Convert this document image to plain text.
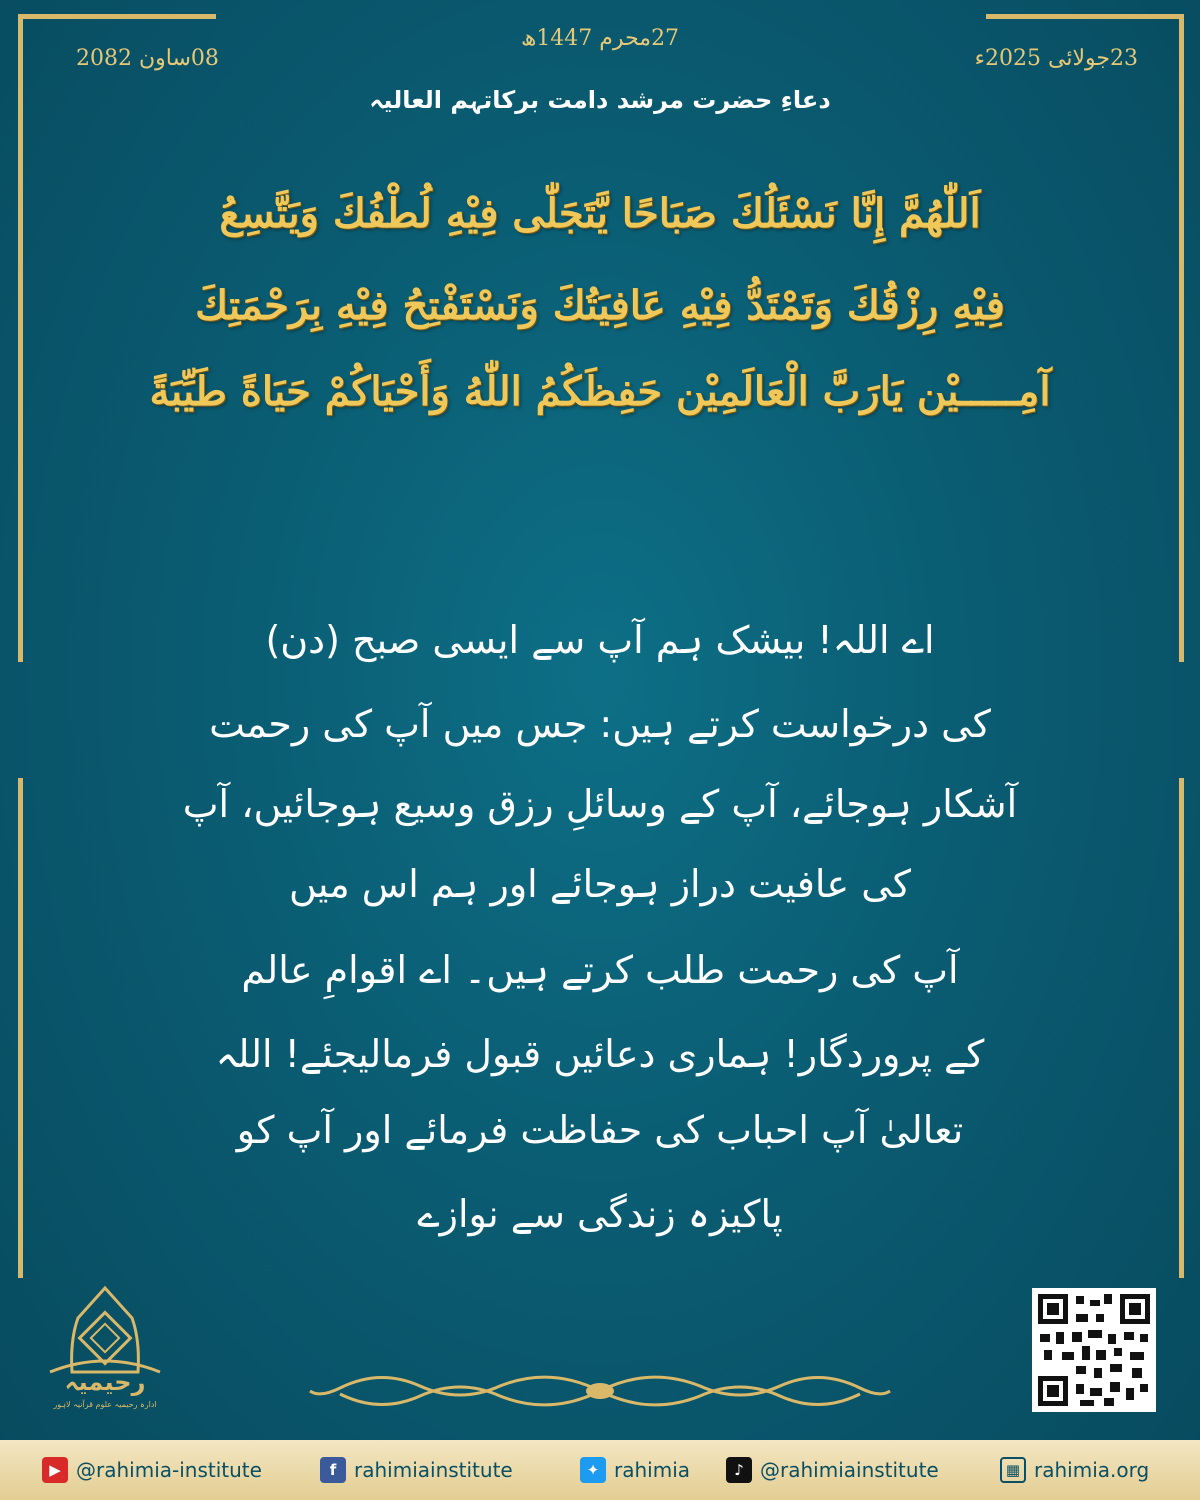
27محرم 1447ھ
23جولائی 2025ء
08ساون 2082
دعاءِ حضرت مرشد دامت برکاتہم العالیہ
اَللّٰهُمَّ إِنَّا نَسْئَلُكَ صَبَاحًا يَّتَجَلّٰى فِيْهِ لُطْفُكَ وَيَتَّسِعُ
فِيْهِ رِزْقُكَ وَتَمْتَدُّ فِيْهِ عَافِيَتُكَ وَنَسْتَفْتِحُ فِيْهِ بِرَحْمَتِكَ
آمِـــــيْن يَارَبَّ الْعَالَمِيْن حَفِظَكُمُ اللّٰهُ وَأَحْيَاكُمْ حَيَاةً طَيِّبَةً
اے اللہ! بیشک ہم آپ سے ایسی صبح (دن)
کی درخواست کرتے ہیں: جس میں آپ کی رحمت
آشکار ہوجائے، آپ کے وسائلِ رزق وسیع ہوجائیں، آپ
کی عافیت دراز ہوجائے اور ہم اس میں
آپ کی رحمت طلب کرتے ہیں۔ اے اقوامِ عالم
کے پروردگار! ہماری دعائیں قبول فرمالیجئے! اللہ
تعالیٰ آپ احباب کی حفاظت فرمائے اور آپ کو
پاکیزہ زندگی سے نوازے
رحیمیہ
ادارہ رحیمیہ علوم قرآنیہ لاہور
▶ @rahimia-institute	f rahimiainstitute	✦ rahimia	♪ @rahimiainstitute	▦ rahimia.org
